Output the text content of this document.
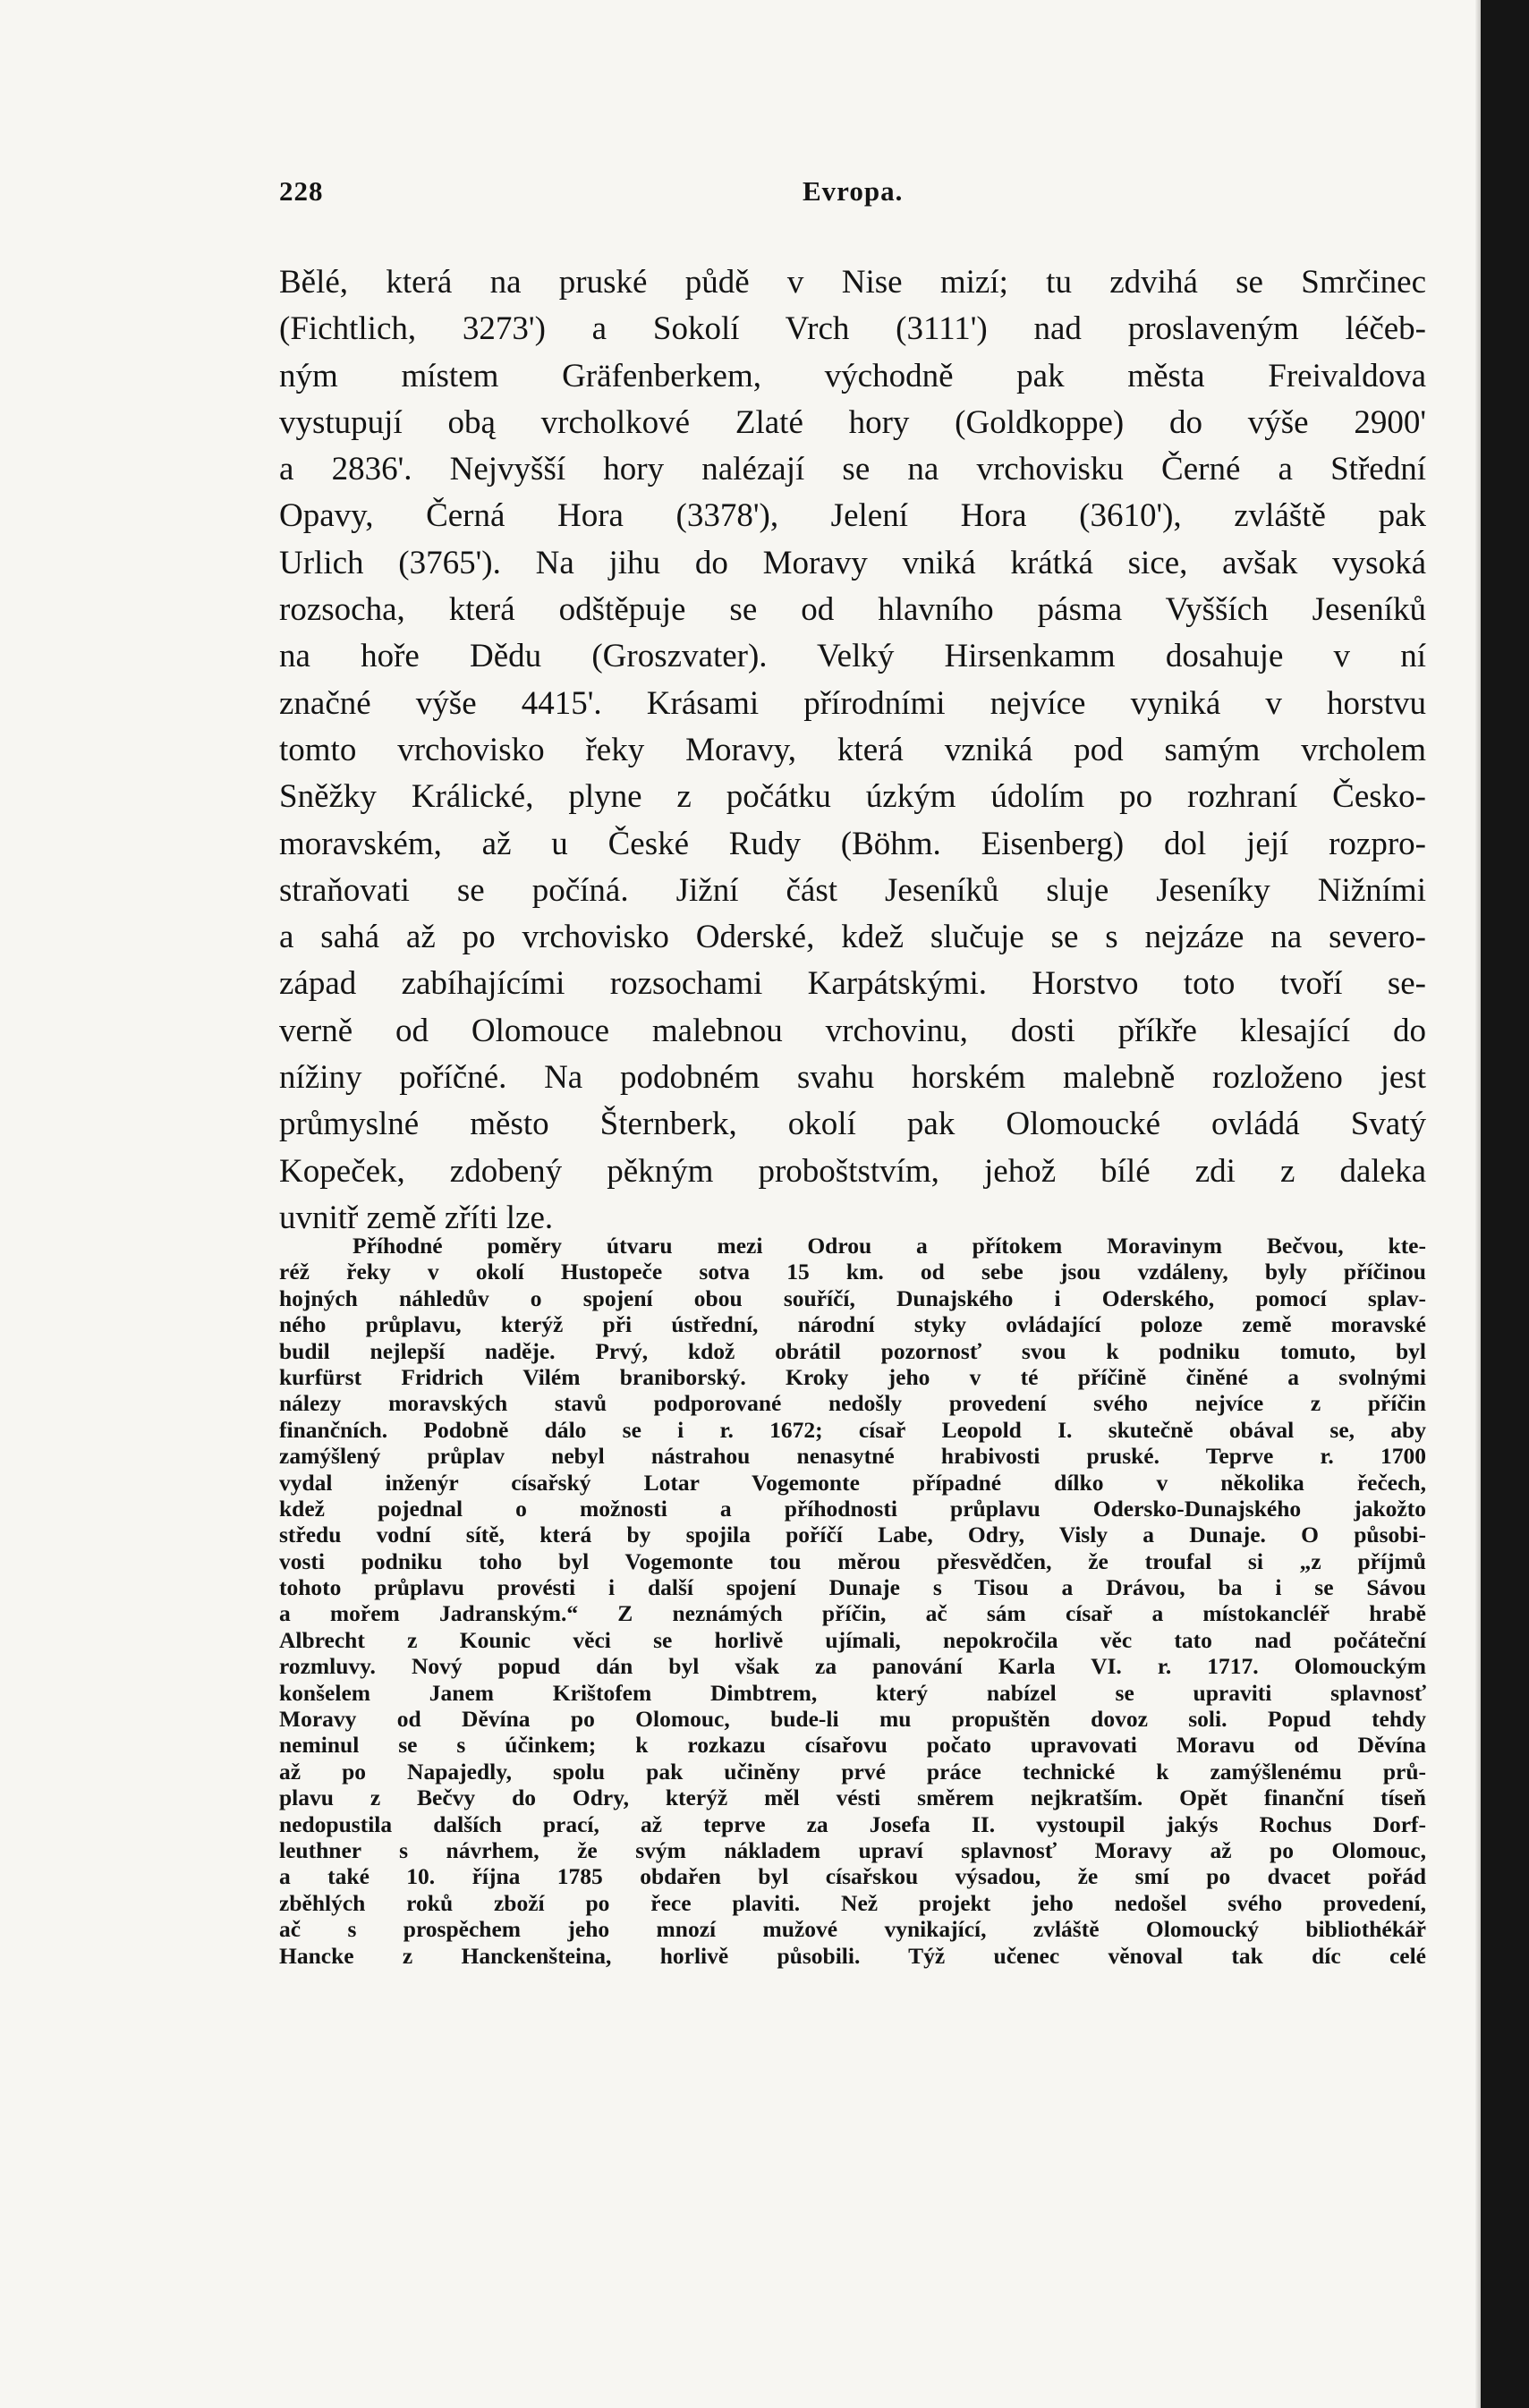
228	Evropa.
Bělé, která na pruské půdě v Nise mizí; tu zdvihá se Smrčinec
(Fichtlich, 3273') a Sokolí Vrch (3111') nad proslaveným léčeb-
ným místem Gräfenberkem, východně pak města Freivaldova
vystupují obą vrcholkové Zlaté hory (Goldkoppe) do výše 2900'
a 2836'. Nejvyšší hory nalézají se na vrchovisku Černé a Střední
Opavy, Černá Hora (3378'), Jelení Hora (3610'), zvláště pak
Urlich (3765'). Na jihu do Moravy vniká krátká sice, avšak vysoká
rozsocha, která odštěpuje se od hlavního pásma Vyšších Jeseníků
na hoře Dědu (Groszvater). Velký Hirsenkamm dosahuje v ní
značné výše 4415'. Krásami přírodními nejvíce vyniká v horstvu
tomto vrchovisko řeky Moravy, která vzniká pod samým vrcholem
Sněžky Králické, plyne z počátku úzkým údolím po rozhraní Česko-
moravském, až u České Rudy (Böhm. Eisenberg) dol její rozpro-
straňovati se počíná. Jižní část Jeseníků sluje Jeseníky Nižními
a sahá až po vrchovisko Oderské, kdež slučuje se s nejzáze na severo-
západ zabíhajícími rozsochami Karpátskými. Horstvo toto tvoří se-
verně od Olomouce malebnou vrchovinu, dosti příkře klesající do
nížiny poříčné. Na podobném svahu horském malebně rozloženo jest
průmyslné město Šternberk, okolí pak Olomoucké ovládá Svatý
Kopeček, zdobený pěkným proboštstvím, jehož bílé zdi z daleka
uvnitř země zříti lze.
Příhodné poměry útvaru mezi Odrou a přítokem Moravinym Bečvou, kte-
réž řeky v okolí Hustopeče sotva 15 km. od sebe jsou vzdáleny, byly příčinou
hojných náhledův o spojení obou souříčí, Dunajského i Oderského, pomocí splav-
ného průplavu, kterýž při ústřední, národní styky ovládající poloze země moravské
budil nejlepší naděje. Prvý, kdož obrátil pozornosť svou k podniku tomuto, byl
kurfürst Fridrich Vilém braniborský. Kroky jeho v té příčině činěné a svolnými
nálezy moravských stavů podporované nedošly provedení svého nejvíce z příčin
finančních. Podobně dálo se i r. 1672; císař Leopold I. skutečně obával se, aby
zamýšlený průplav nebyl nástrahou nenasytné hrabivosti pruské. Teprve r. 1700
vydal inženýr císařský Lotar Vogemonte případné dílko v několika řečech,
kdež pojednal o možnosti a příhodnosti průplavu Odersko-Dunajského jakožto
středu vodní sítě, která by spojila poříčí Labe, Odry, Visly a Dunaje. O působi-
vosti podniku toho byl Vogemonte tou měrou přesvědčen, že troufal si „z příjmů
tohoto průplavu provésti i další spojení Dunaje s Tisou a Drávou, ba i se Sávou
a mořem Jadranským.“ Z neznámých příčin, ač sám císař a místokancléř hrabě
Albrecht z Kounic věci se horlivě ujímali, nepokročila věc tato nad počáteční
rozmluvy. Nový popud dán byl však za panování Karla VI. r. 1717. Olomouckým
konšelem Janem Krištofem Dimbtrem, který nabízel se upraviti splavnosť
Moravy od Děvína po Olomouc, bude-li mu propuštěn dovoz soli. Popud tehdy
neminul se s účinkem; k rozkazu císařovu počato upravovati Moravu od Děvína
až po Napajedly, spolu pak učiněny prvé práce technické k zamýšlenému prů-
plavu z Bečvy do Odry, kterýž měl vésti směrem nejkratším. Opět finanční tíseň
nedopustila dalších prací, až teprve za Josefa II. vystoupil jakýs Rochus Dorf-
leuthner s návrhem, že svým nákladem upraví splavnosť Moravy až po Olomouc,
a také 10. října 1785 obdařen byl císařskou výsadou, že smí po dvacet pořád
zběhlých roků zboží po řece plaviti. Než projekt jeho nedošel svého provedení,
ač s prospěchem jeho mnozí mužové vynikající, zvláště Olomoucký bibliothékář
Hancke z Hanckenšteina, horlivě působili. Týž učenec věnoval tak díc celé
